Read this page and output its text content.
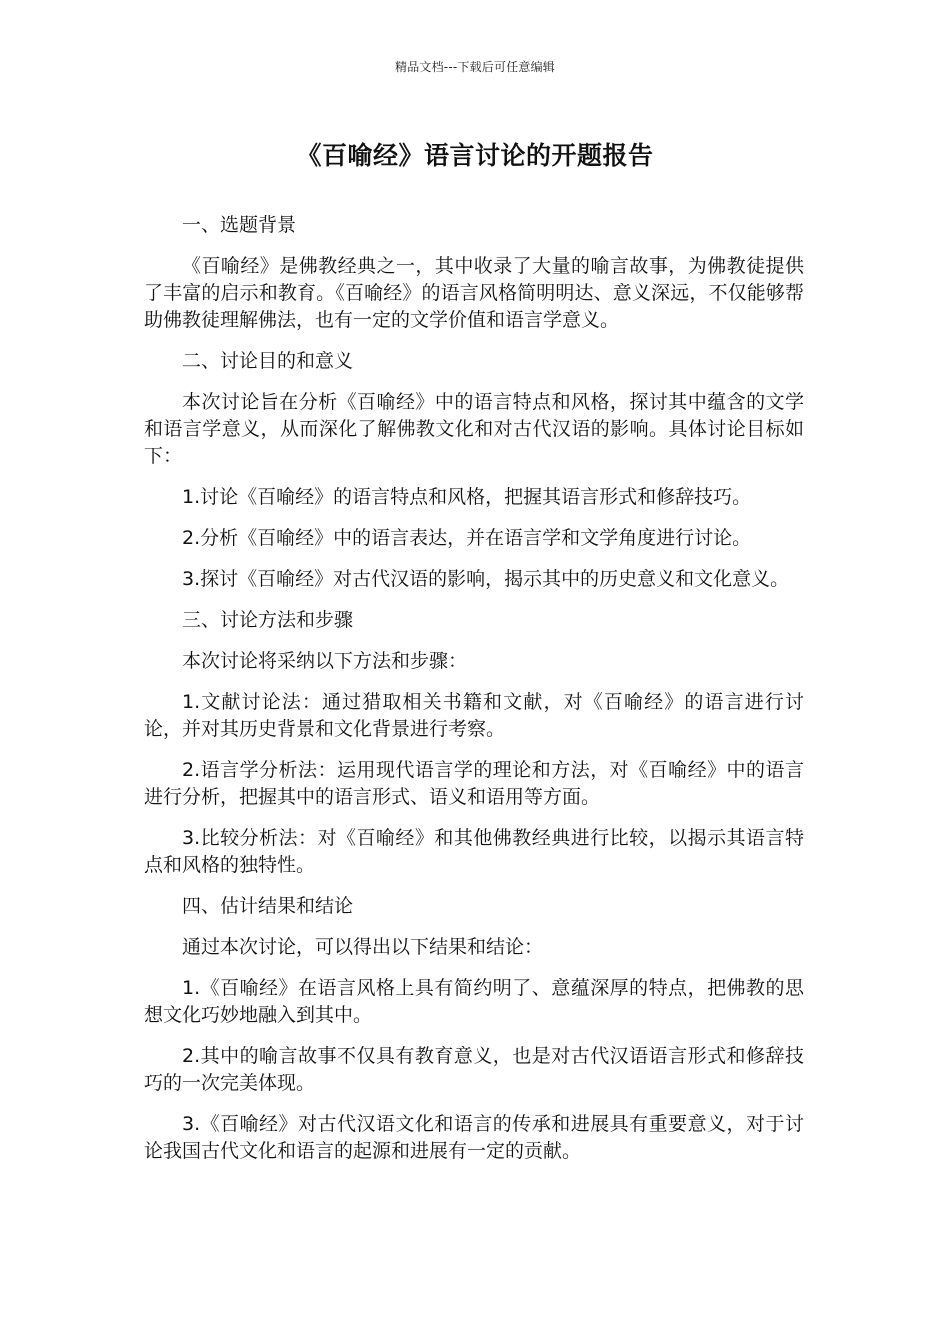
精品文档---下载后可任意编辑
《百喻经》语言讨论的开题报告

一、选题背景

《百喻经》是佛教经典之一，其中收录了大量的喻言故事，为佛教徒提供了丰富的启示和教育。《百喻经》的语言风格简明明达、意义深远，不仅能够帮助佛教徒理解佛法，也有一定的文学价值和语言学意义。

二、讨论目的和意义

本次讨论旨在分析《百喻经》中的语言特点和风格，探讨其中蕴含的文学和语言学意义，从而深化了解佛教文化和对古代汉语的影响。具体讨论目标如下：

1.讨论《百喻经》的语言特点和风格，把握其语言形式和修辞技巧。

2.分析《百喻经》中的语言表达，并在语言学和文学角度进行讨论。

3.探讨《百喻经》对古代汉语的影响，揭示其中的历史意义和文化意义。

三、讨论方法和步骤

本次讨论将采纳以下方法和步骤：

1.文献讨论法：通过猎取相关书籍和文献，对《百喻经》的语言进行讨论，并对其历史背景和文化背景进行考察。

2.语言学分析法：运用现代语言学的理论和方法，对《百喻经》中的语言进行分析，把握其中的语言形式、语义和语用等方面。

3.比较分析法：对《百喻经》和其他佛教经典进行比较，以揭示其语言特点和风格的独特性。

四、估计结果和结论

通过本次讨论，可以得出以下结果和结论：

1.《百喻经》在语言风格上具有简约明了、意蕴深厚的特点，把佛教的思想文化巧妙地融入到其中。

2.其中的喻言故事不仅具有教育意义，也是对古代汉语语言形式和修辞技巧的一次完美体现。

3.《百喻经》对古代汉语文化和语言的传承和进展具有重要意义，对于讨论我国古代文化和语言的起源和进展有一定的贡献。
